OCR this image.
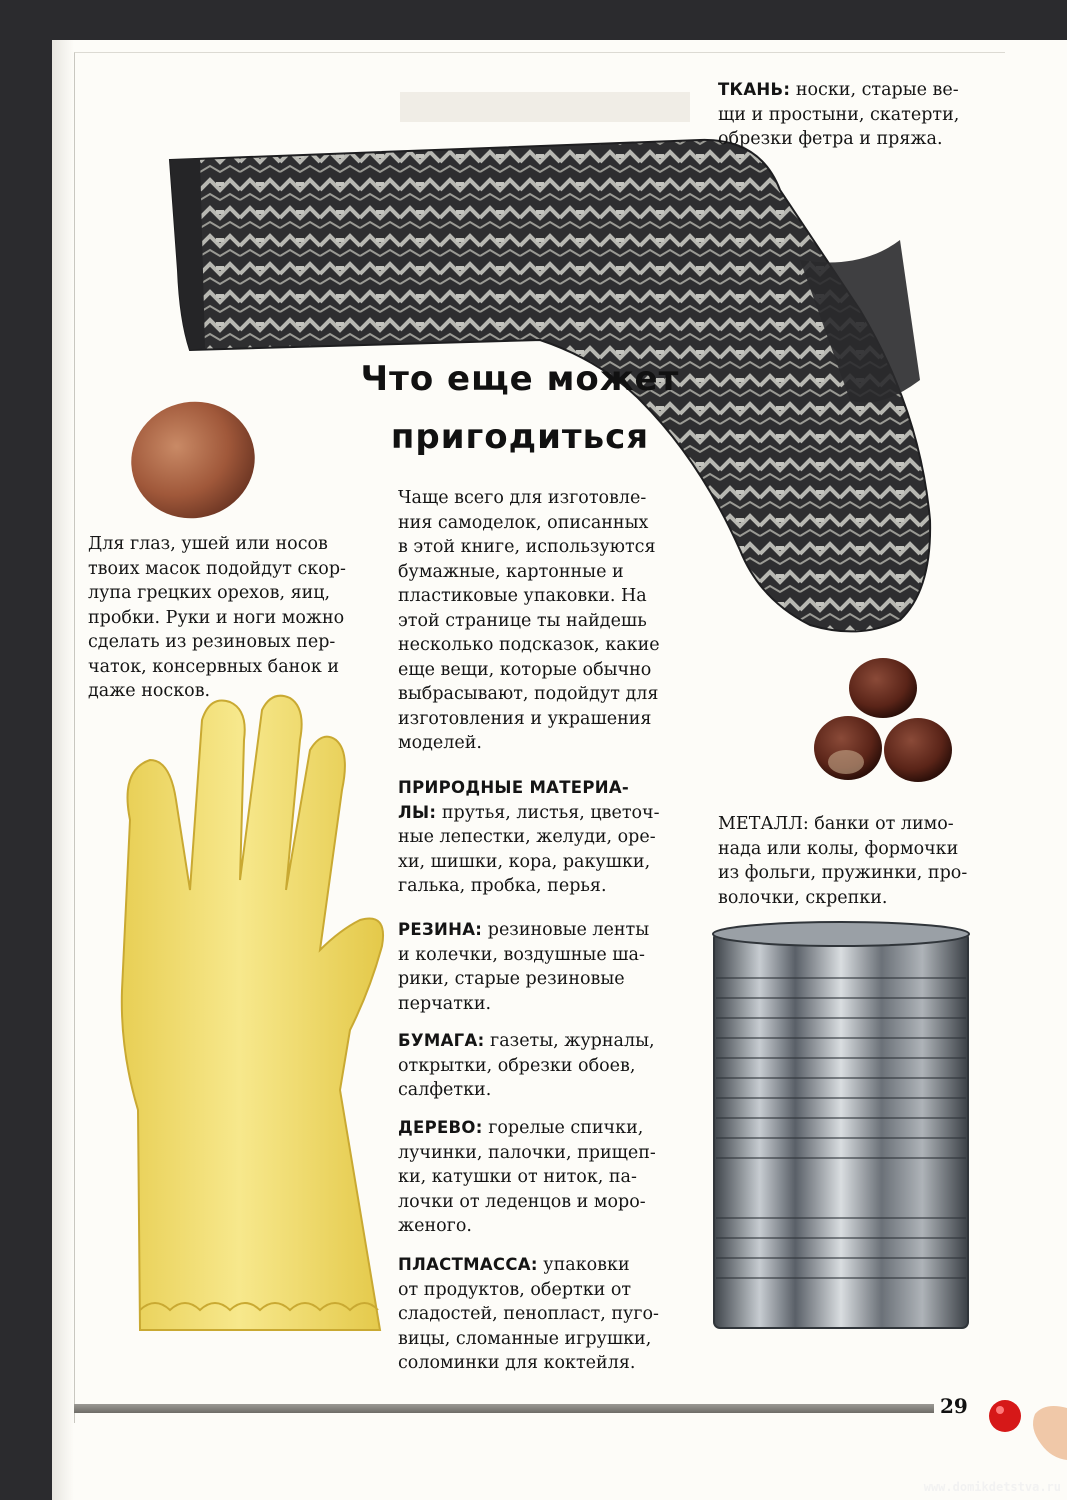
Что еще может
пригодиться
ТКАНЬ: носки, старые ве-
щи и простыни, скатерти,
обрезки фетра и пряжа.
Для глаз, ушей или носов
твоих масок подойдут скор-
лупа грецких орехов, яиц,
пробки. Руки и ноги можно
сделать из резиновых пер-
чаток, консервных банок и
даже носков.
Чаще всего для изготовле-
ния самоделок, описанных
в этой книге, используются
бумажные, картонные и
пластиковые упаковки. На
этой странице ты найдешь
несколько подсказок, какие
еще вещи, которые обычно
выбрасывают, подойдут для
изготовления и украшения
моделей.
ПРИРОДНЫЕ МАТЕРИА-
ЛЫ: прутья, листья, цветоч-
ные лепестки, желуди, оре-
хи, шишки, кора, ракушки,
галька, пробка, перья.
РЕЗИНА: резиновые ленты
и колечки, воздушные ша-
рики, старые резиновые
перчатки.
БУМАГА: газеты, журналы,
открытки, обрезки обоев,
салфетки.
ДЕРЕВО: горелые спички,
лучинки, палочки, прищеп-
ки, катушки от ниток, па-
лочки от леденцов и моро-
женого.
ПЛАСТМАССА: упаковки
от продуктов, обертки от
сладостей, пенопласт, пуго-
вицы, сломанные игрушки,
соломинки для коктейля.
МЕТАЛЛ: банки от лимо-
нада или колы, формочки
из фольги, пружинки, про-
волочки, скрепки.
29
www.domikdetstva.ru
